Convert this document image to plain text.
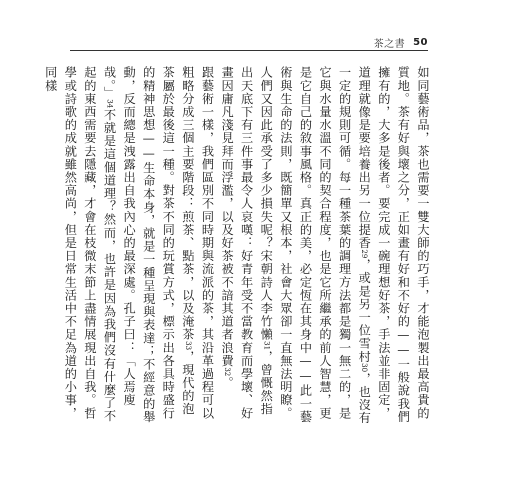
茶之書 50

如同藝術品，茶也需要一雙大師的巧手，才能泡製出最高貴的質地。茶有好與壞之分，正如畫有好和不好的——一般說我們擁有的，大多是後者。要完成一碗理想好茶，手法並非固定，道理就像是要培養出另一位提香29，或是另一位雪村30，也沒有一定的規則可循。每一種茶葉的調理方法都是獨一無二的，是它與水量水溫不同的契合程度，也是它所繼承的前人智慧，更是它自己的敘事風格。真正的美，必定恆在其身中——此一藝術與生命的法則，既簡單又根本，社會大眾卻一直無法明瞭。人們又因此承受了多少損失呢？宋朝詩人李竹懶31，曾慨然指出天底下有三件事最令人哀嘆：好青年受不當教育而學壞、好畫因庸凡淺見拜而浮濫，以及好茶被不諳其道者浪費32。

跟藝術一樣，我們區別不同時期與流派的茶，其沿革過程可以粗略分成三個主要階段：煎茶、點茶，以及淹茶33，現代的泡茶屬於最後這一種。對茶不同的玩賞方式，標示出各具時盛行的精神思想——生命本身，就是一種呈現與表達；不經意的舉動，反而總是洩露出自我內心的最深處。孔子曰：「人焉廋哉。」34不就是這個道理？然而，也許是因為我們沒有什麼了不起的東西需要去隱藏，才會在枝微末節上盡情展現出自我。哲學或詩歌的成就雖然高尚，但是日常生活中不足為道的小事，同樣
